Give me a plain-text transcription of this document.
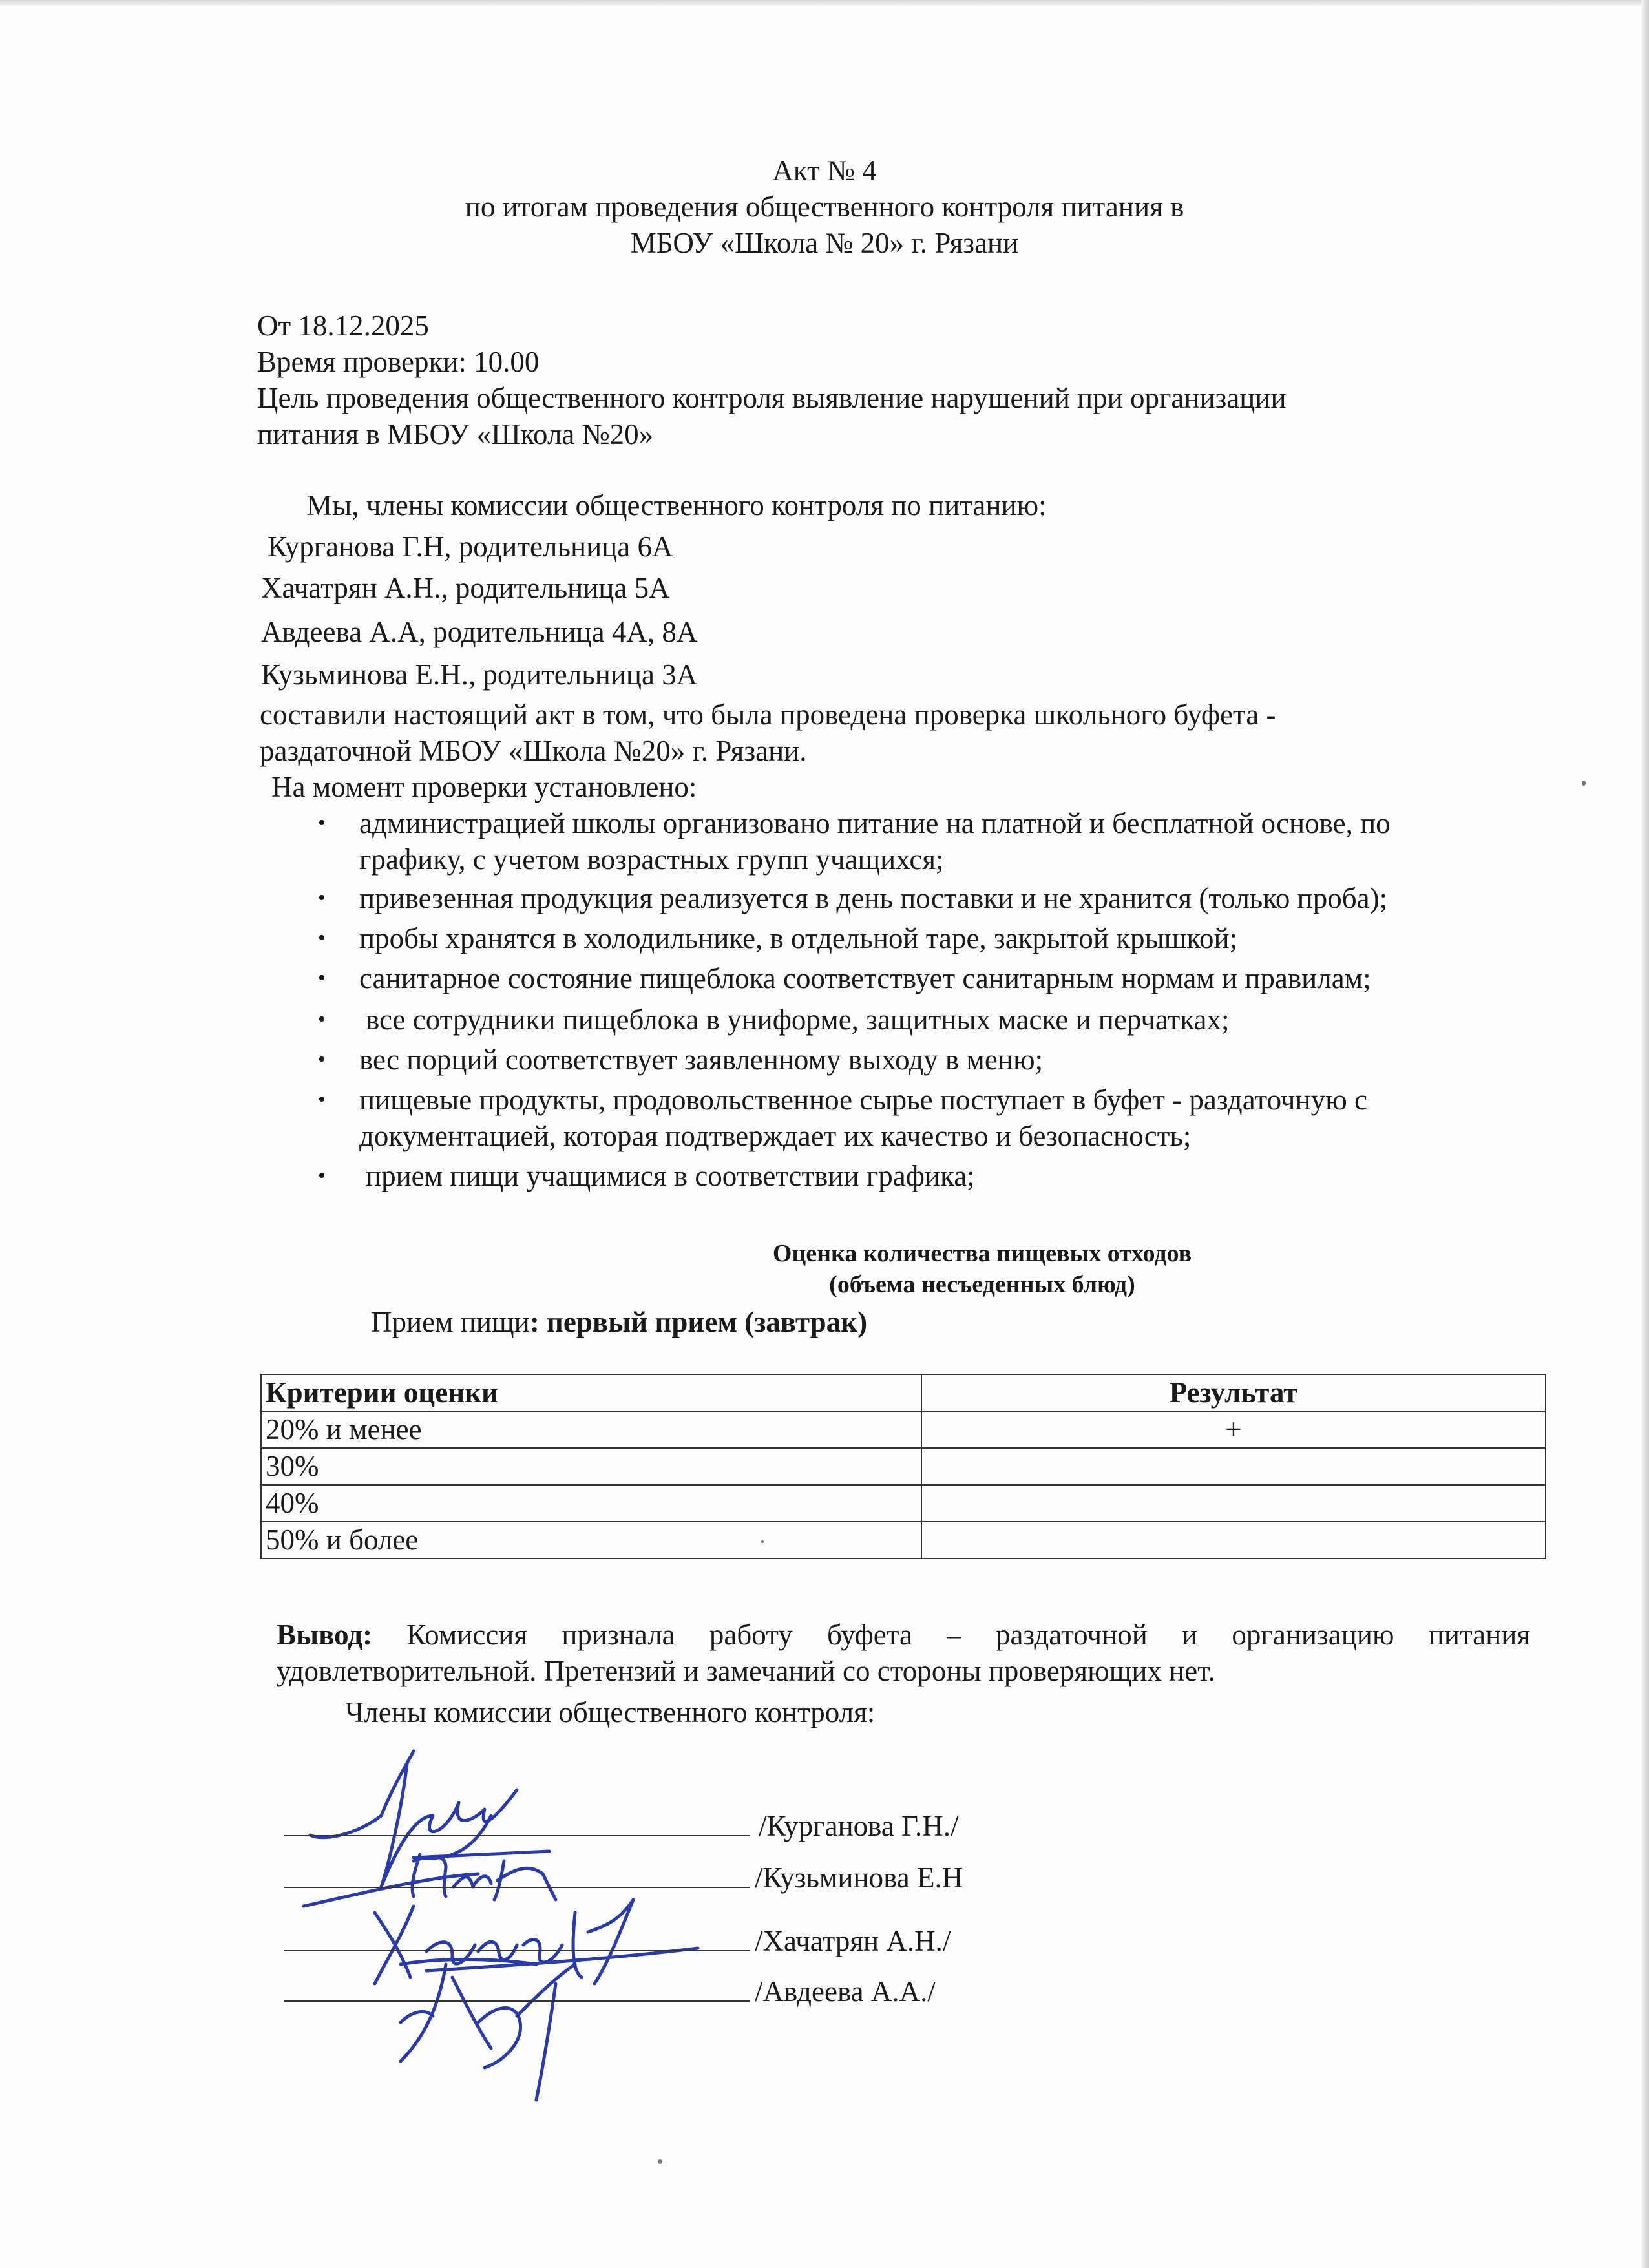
Акт № 4
по итогам проведения общественного контроля питания в
МБОУ «Школа № 20» г. Рязани
От 18.12.2025
Время проверки: 10.00
Цель проведения общественного контроля выявление нарушений при организации
питания в МБОУ «Школа №20»
Мы, члены комиссии общественного контроля по питанию:
Курганова Г.Н, родительница 6А
Хачатрян А.Н., родительница 5А
Авдеева А.А, родительница 4А, 8А
Кузьминова Е.Н., родительница 3А
составили настоящий акт в том, что была проведена проверка школьного буфета -
раздаточной МБОУ «Школа №20» г. Рязани.
На момент проверки установлено:
• администрацией школы организовано питание на платной и бесплатной основе, по
графику, с учетом возрастных групп учащихся;
• привезенная продукция реализуется в день поставки и не хранится (только проба);
• пробы хранятся в холодильнике, в отдельной таре, закрытой крышкой;
• санитарное состояние пищеблока соответствует санитарным нормам и правилам;
• все сотрудники пищеблока в униформе, защитных маске и перчатках;
• вес порций соответствует заявленному выходу в меню;
• пищевые продукты, продовольственное сырье поступает в буфет - раздаточную с
документацией, которая подтверждает их качество и безопасность;
• прием пищи учащимися в соответствии графика;
Оценка количества пищевых отходов
(объема несъеденных блюд)
Прием пищи: первый прием (завтрак)
Критерии оценки	Результат
20% и менее	+
30%	
40%	
50% и более	
Вывод: Комиссия признала работу буфета – раздаточной и организацию питания
удовлетворительной. Претензий и замечаний со стороны проверяющих нет.
Члены комиссии общественного контроля:
/Курганова Г.Н./
/Кузьминова Е.Н
/Хачатрян А.Н./
/Авдеева А.А./
